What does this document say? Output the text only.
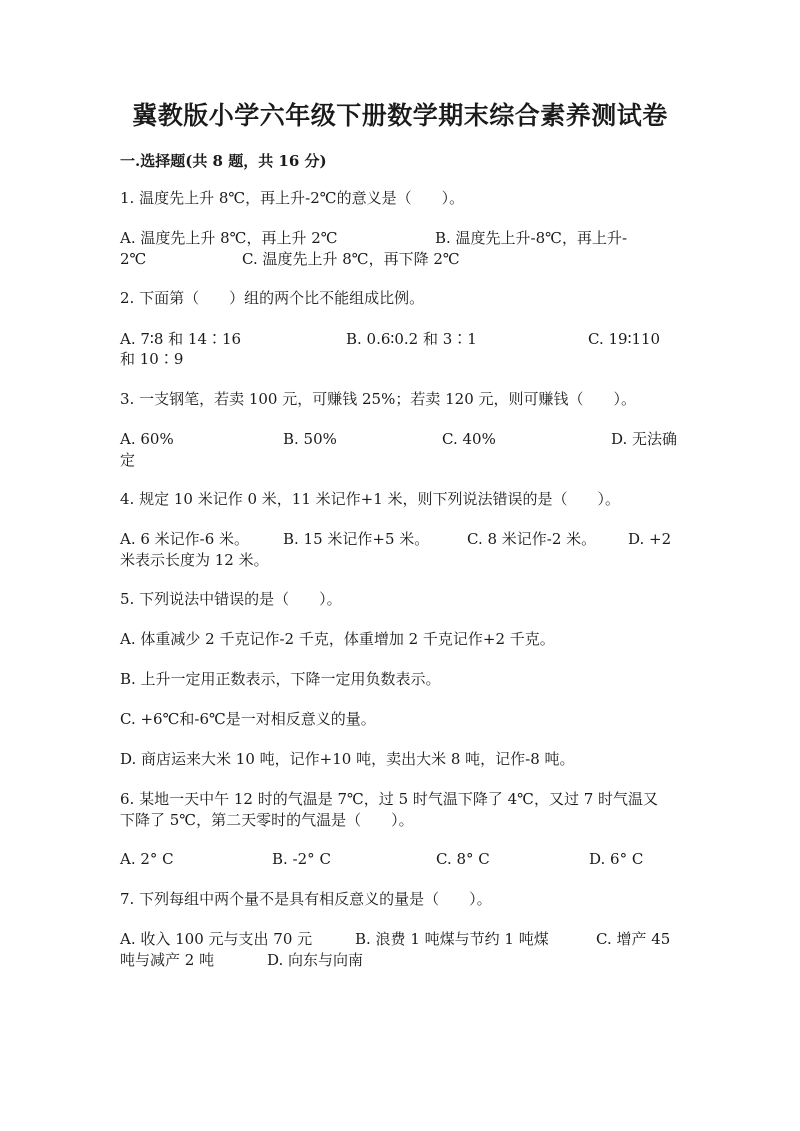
冀教版小学六年级下册数学期末综合素养测试卷
一.选择题(共 8 题，共 16 分)
1. 温度先上升 8℃，再上升-2℃的意义是（　　）。
A. 温度先上升 8℃，再上升 2℃	B. 温度先上升-8℃，再上升-
2℃	C. 温度先上升 8℃，再下降 2℃
2. 下面第（　　）组的两个比不能组成比例。
A. 7∶8 和 14∶16	B. 0.6∶0.2 和 3∶1	C. 19∶110
和 10∶9
3. 一支钢笔，若卖 100 元，可赚钱 25%；若卖 120 元，则可赚钱（　　）。
A. 60%	B. 50%	C. 40%	D. 无法确
定
4. 规定 10 米记作 0 米，11 米记作+1 米，则下列说法错误的是（　　）。
A. 6 米记作-6 米。 B. 15 米记作+5 米。	C. 8 米记作-2 米。 D. +2
米表示长度为 12 米。
5. 下列说法中错误的是（　　）。
A. 体重减少 2 千克记作-2 千克，体重增加 2 千克记作+2 千克。
B. 上升一定用正数表示，下降一定用负数表示。
C. +6℃和-6℃是一对相反意义的量。
D. 商店运来大米 10 吨，记作+10 吨，卖出大米 8 吨，记作-8 吨。
6. 某地一天中午 12 时的气温是 7℃，过 5 时气温下降了 4℃，又过 7 时气温又
下降了 5℃，第二天零时的气温是（　　）。
A. 2° C	B. -2° C	C. 8° C	D. 6° C
7. 下列每组中两个量不是具有相反意义的量是（　　）。
A. 收入 100 元与支出 70 元	B. 浪费 1 吨煤与节约 1 吨煤	C. 增产 45
吨与减产 2 吨	D. 向东与向南
